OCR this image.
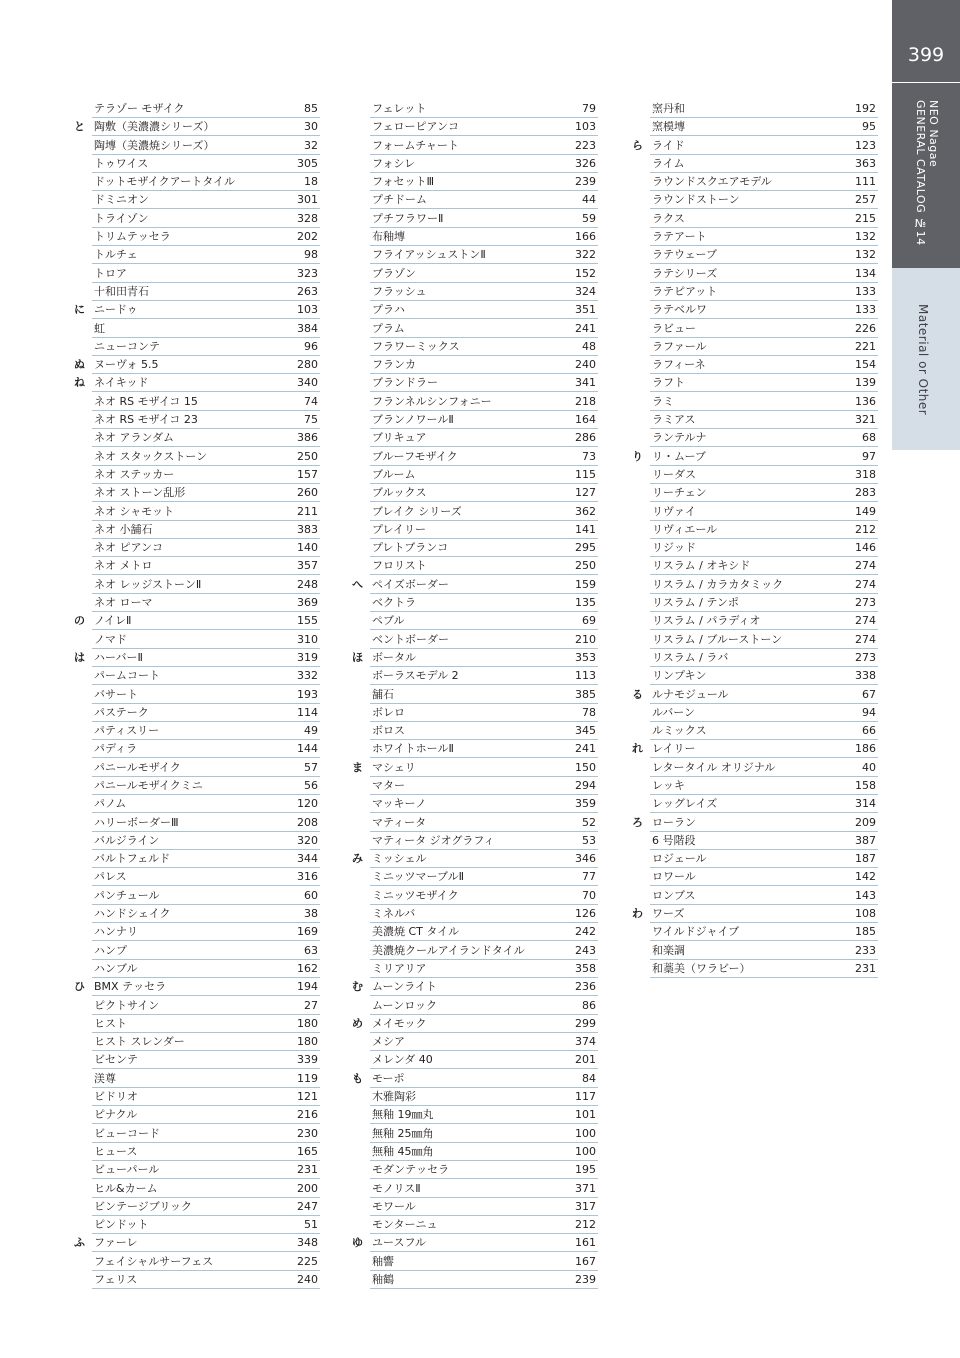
399
NEO Nagae
GENERAL CATALOG №14
Material or Other
テラゾー モザイク	85
と 陶敷（美濃濃シリーズ）	30
陶塼（美濃焼シリーズ）	32
トゥワイス	305
ドットモザイクアートタイル	18
ドミニオン	301
トライゾン	328
トリムテッセラ	202
トルチェ	98
トロア	323
十和田青石	263
に ニードゥ	103
虹	384
ニューコンテ	96
ぬ ヌーヴォ 5.5	280
ね ネイキッド	340
ネオ RS モザイコ 15	74
ネオ RS モザイコ 23	75
ネオ アランダム	386
ネオ スタックストーン	250
ネオ ステッカー	157
ネオ ストーン乱形	260
ネオ シャモット	211
ネオ 小舗石	383
ネオ ピアンコ	140
ネオ メトロ	357
ネオ レッジストーンⅡ	248
ネオ ローマ	369
の ノイレⅡ	155
ノマド	310
は ハーバーⅡ	319
パームコート	332
バサート	193
パステーク	114
パティスリー	49
パディラ	144
パニールモザイク	57
パニールモザイクミニ	56
パノム	120
ハリーボーダーⅢ	208
バルジライン	320
バルトフェルド	344
パレス	316
パンチュール	60
ハンドシェイク	38
ハンナリ	169
ハンプ	63
ハンブル	162
ひ BMX テッセラ	194
ピクトサイン	27
ヒスト	180
ヒスト スレンダー	180
ビセンテ	339
渼尊	119
ビドリオ	121
ピナクル	216
ビューコード	230
ヒュース	165
ビューパール	231
ヒル&カーム	200
ビンテージブリック	247
ピンドット	51
ふ ファーレ	348
フェイシャルサーフェス	225
フェリス	240
フェレット	79
フェローピアンコ	103
フォームチャート	223
フォシレ	326
フォセットⅢ	239
プチドーム	44
プチフラワーⅡ	59
布釉塼	166
フライアッシュストンⅡ	322
ブラゾン	152
フラッシュ	324
プラハ	351
プラム	241
フラワーミックス	48
フランカ	240
ブランドラー	341
フランネルシンフォニー	218
ブランノワールⅡ	164
ブリキュア	286
ブルーフモザイク	73
ブルーム	115
ブルックス	127
ブレイク シリーズ	362
プレイリー	141
プレトブランコ	295
フロリスト	250
へ ペイズボーダー	159
ベクトラ	135
ペブル	69
ベントボーダー	210
ほ ボータル	353
ボーラスモデル 2	113
舗石	385
ボレロ	78
ボロス	345
ホワイトホールⅡ	241
ま マシェリ	150
マター	294
マッキーノ	359
マティータ	52
マティータ ジオグラフィ	53
み ミッシェル	346
ミニッツマーブルⅡ	77
ミニッツモザイク	70
ミネルバ	126
美濃焼 CT タイル	242
美濃焼クールアイランドタイル	243
ミリアリア	358
む ムーンライト	236
ムーンロック	86
め メイモック	299
メシア	374
メレンダ 40	201
も モーポ	84
木雅陶彩	117
無釉 19㎜丸	101
無釉 25㎜角	100
無釉 45㎜角	100
モダンテッセラ	195
モノリスⅡ	371
モワール	317
モンターニュ	212
ゆ ユースフル	161
釉響	167
釉鶴	239
窯丹和	192
窯模塼	95
ら ライド	123
ライム	363
ラウンドスクエアモデル	111
ラウンドストーン	257
ラクス	215
ラテアート	132
ラテウェーブ	132
ラテシリーズ	134
ラテピアット	133
ラテベルワ	133
ラビュー	226
ラファール	221
ラフィーネ	154
ラフト	139
ラミ	136
ラミアス	321
ランテルナ	68
り リ・ムーブ	97
リーダス	318
リーチェン	283
リヴァイ	149
リヴィエール	212
リジッド	146
リスラム / オキシド	274
リスラム / カラカタミック	274
リスラム / テンポ	273
リスラム / パラディオ	274
リスラム / ブルーストーン	274
リスラム / ラバ	273
リンプキン	338
る ルナモジュール	67
ルバーン	94
ルミックス	66
れ レイリー	186
レタータイル オリジナル	40
レッキ	158
レッグレイズ	314
ろ ローラン	209
6 号階段	387
ロジェール	187
ロワール	142
ロンブス	143
わ ワーズ	108
ワイルドジャイブ	185
和楽調	233
和藁美（ワラビー）	231
